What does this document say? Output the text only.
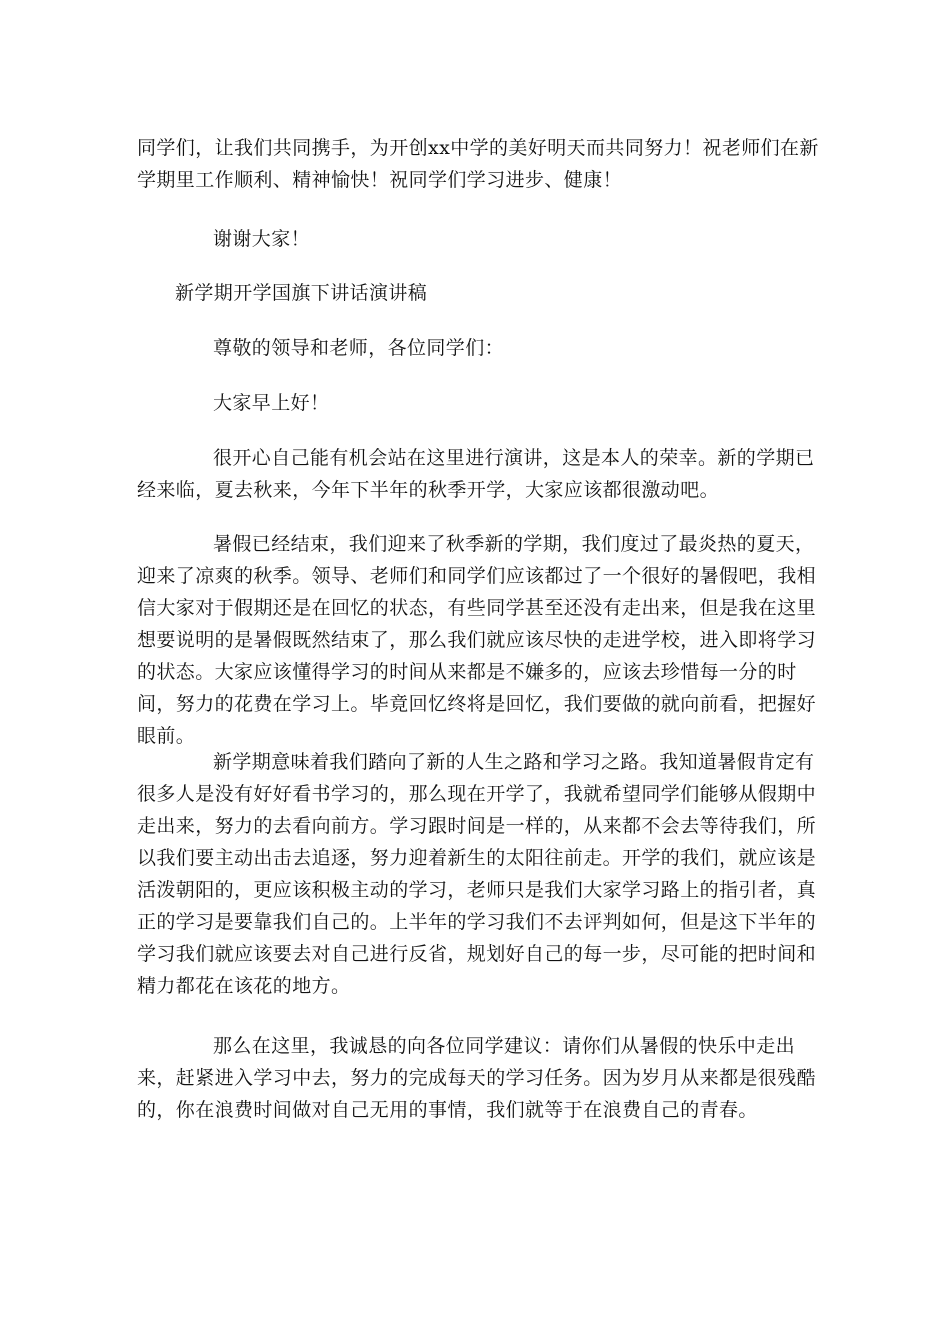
同学们，让我们共同携手，为开创xx中学的美好明天而共同努力！祝老师们在新学期里工作顺利、精神愉快！祝同学们学习进步、健康！

谢谢大家！

新学期开学国旗下讲话演讲稿

尊敬的领导和老师，各位同学们：

大家早上好！

很开心自己能有机会站在这里进行演讲，这是本人的荣幸。新的学期已经来临，夏去秋来，今年下半年的秋季开学，大家应该都很激动吧。

暑假已经结束，我们迎来了秋季新的学期，我们度过了最炎热的夏天，迎来了凉爽的秋季。领导、老师们和同学们应该都过了一个很好的暑假吧，我相信大家对于假期还是在回忆的状态，有些同学甚至还没有走出来，但是我在这里想要说明的是暑假既然结束了，那么我们就应该尽快的走进学校，进入即将学习的状态。大家应该懂得学习的时间从来都是不嫌多的，应该去珍惜每一分的时间，努力的花费在学习上。毕竟回忆终将是回忆，我们要做的就向前看，把握好眼前。

新学期意味着我们踏向了新的人生之路和学习之路。我知道暑假肯定有很多人是没有好好看书学习的，那么现在开学了，我就希望同学们能够从假期中走出来，努力的去看向前方。学习跟时间是一样的，从来都不会去等待我们，所以我们要主动出击去追逐，努力迎着新生的太阳往前走。开学的我们，就应该是活泼朝阳的，更应该积极主动的学习，老师只是我们大家学习路上的指引者，真正的学习是要靠我们自己的。上半年的学习我们不去评判如何，但是这下半年的学习我们就应该要去对自己进行反省，规划好自己的每一步，尽可能的把时间和精力都花在该花的地方。

那么在这里，我诚恳的向各位同学建议：请你们从暑假的快乐中走出来，赶紧进入学习中去，努力的完成每天的学习任务。因为岁月从来都是很残酷的，你在浪费时间做对自己无用的事情，我们就等于在浪费自己的青春。
